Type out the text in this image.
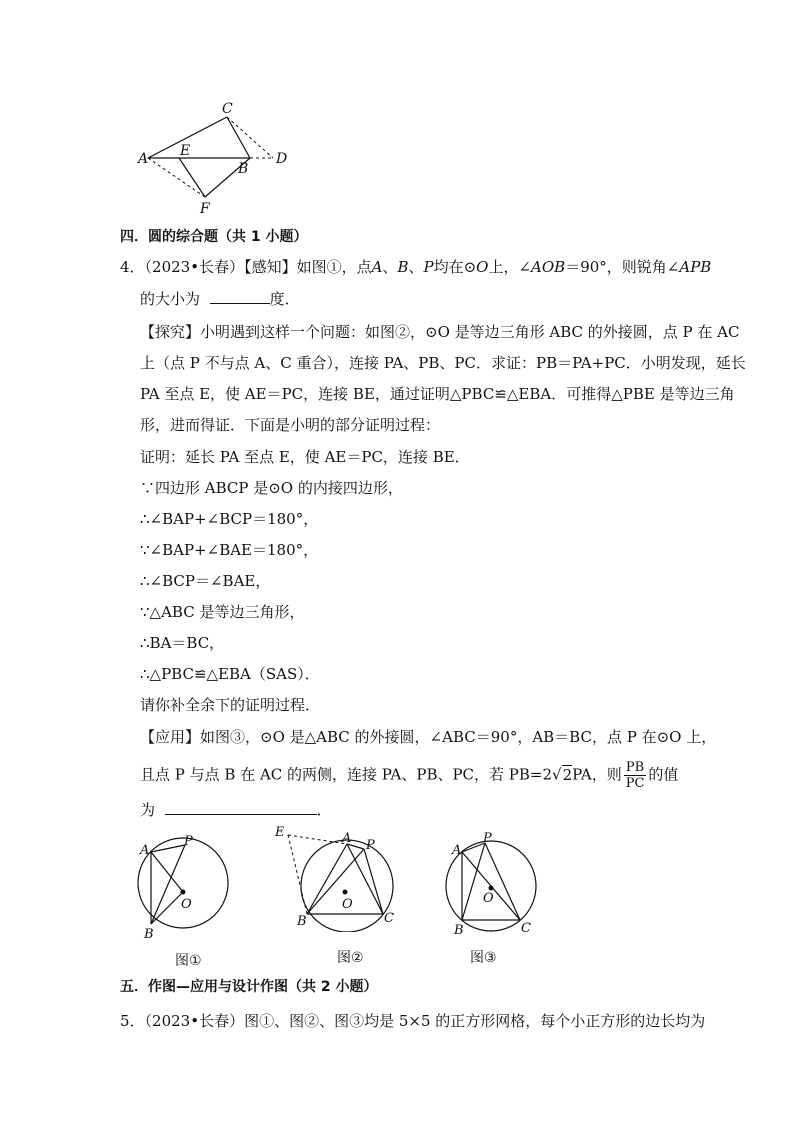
A
C
E
B
D
F
四．圆的综合题（共 1 小题）
4．（2023•长春）【感知】如图①，点A、B、P均在⊙O上，∠AOB＝90°，则锐角∠APB
的大小为	度．
【探究】小明遇到这样一个问题：如图②，⊙O 是等边三角形 ABC 的外接圆，点 P 在 AC
上（点 P 不与点 A、C 重合），连接 PA、PB、PC．求证：PB＝PA+PC．小明发现，延长
PA 至点 E，使 AE＝PC，连接 BE，通过证明△PBC≌△EBA．可推得△PBE 是等边三角
形，进而得证．下面是小明的部分证明过程：
证明：延长 PA 至点 E，使 AE＝PC，连接 BE．
∵四边形 ABCP 是⊙O 的内接四边形，
∴∠BAP+∠BCP＝180°，
∵∠BAP+∠BAE＝180°，
∴∠BCP＝∠BAE，
∵△ABC 是等边三角形，
∴BA＝BC，
∴△PBC≌△EBA（SAS）．
请你补全余下的证明过程．
【应用】如图③，⊙O 是△ABC 的外接圆，∠ABC＝90°，AB＝BC，点 P 在⊙O 上，
且点 P 与点 B 在 AC 的两侧，连接 PA、PB、PC，若 PB=2√2PA，则 $\frac{PB}{PC}$ 的值
为	．
A
P
O
B
图①
E	A P
O
B	C
图②
A
P
O
B	C
图③
五．作图—应用与设计作图（共 2 小题）
5．（2023•长春）图①、图②、图③均是 5×5 的正方形网格，每个小正方形的边长均为
